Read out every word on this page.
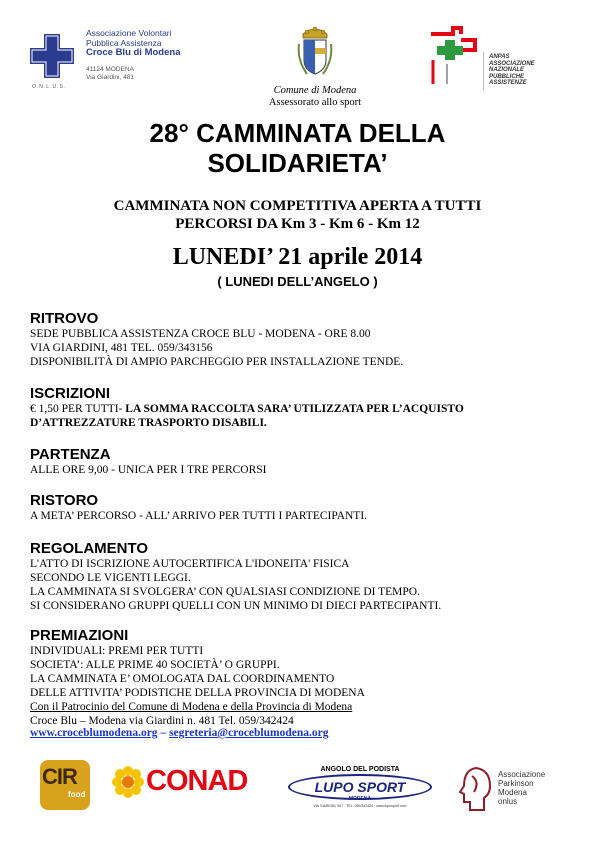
Associazione Volontari
Pubblica Assistenza
Croce Blu di Modena
41124 MODENA
Via Giardini, 481
O.N.L.U.S.	Comune di Modena
Assessorato allo sport
ANPAS
ASSOCIAZIONE
NAZIONALE
PUBBLICHE
ASSISTENZE
28° CAMMINATA DELLA
SOLIDARIETA’
CAMMINATA NON COMPETITIVA APERTA A TUTTI
PERCORSI DA Km 3 - Km 6 - Km 12
LUNEDI’ 21 aprile 2014
( LUNEDI DELL’ANGELO )
RITROVO
SEDE PUBBLICA ASSISTENZA CROCE BLU - MODENA - ORE 8.00
VIA GIARDINI, 481 TEL. 059/343156
DISPONIBILITÀ DI AMPIO PARCHEGGIO PER INSTALLAZIONE TENDE.
ISCRIZIONI
€ 1,50 PER TUTTI- LA SOMMA RACCOLTA SARA’ UTILIZZATA PER L’ACQUISTO
D’ATTREZZATURE TRASPORTO DISABILI.
PARTENZA
ALLE ORE 9,00 - UNICA PER I TRE PERCORSI
RISTORO
A META’ PERCORSO - ALL’ ARRIVO PER TUTTI I PARTECIPANTI.
REGOLAMENTO
L'ATTO DI ISCRIZIONE AUTOCERTIFICA L'IDONEITA' FISICA
SECONDO LE VIGENTI LEGGI.
LA CAMMINATA SI SVOLGERA’ CON QUALSIASI CONDIZIONE DI TEMPO.
SI CONSIDERANO GRUPPI QUELLI CON UN MINIMO DI DIECI PARTECIPANTI.
PREMIAZIONI
INDIVIDUALI: PREMI PER TUTTI
SOCIETA’: ALLE PRIME 40 SOCIETÀ’ O GRUPPI.
LA CAMMINATA E’ OMOLOGATA DAL COORDINAMENTO
DELLE ATTIVITA’ PODISTICHE DELLA PROVINCIA DI MODENA
Con il Patrocinio del Comune di Modena e della Provincia di Modena
Croce Blu – Modena via Giardini n. 481 Tel. 059/342424
www.croceblumodena.org – segreteria@croceblumodena.org
CIR
food CONAD	ANGOLO DEL PODISTA
LUPO SPORT
MODENA
VIA GIARDINI, 507 · TEL. 059/342424 · www.luposport.com
Associazione
Parkinson
Modena
onlus
